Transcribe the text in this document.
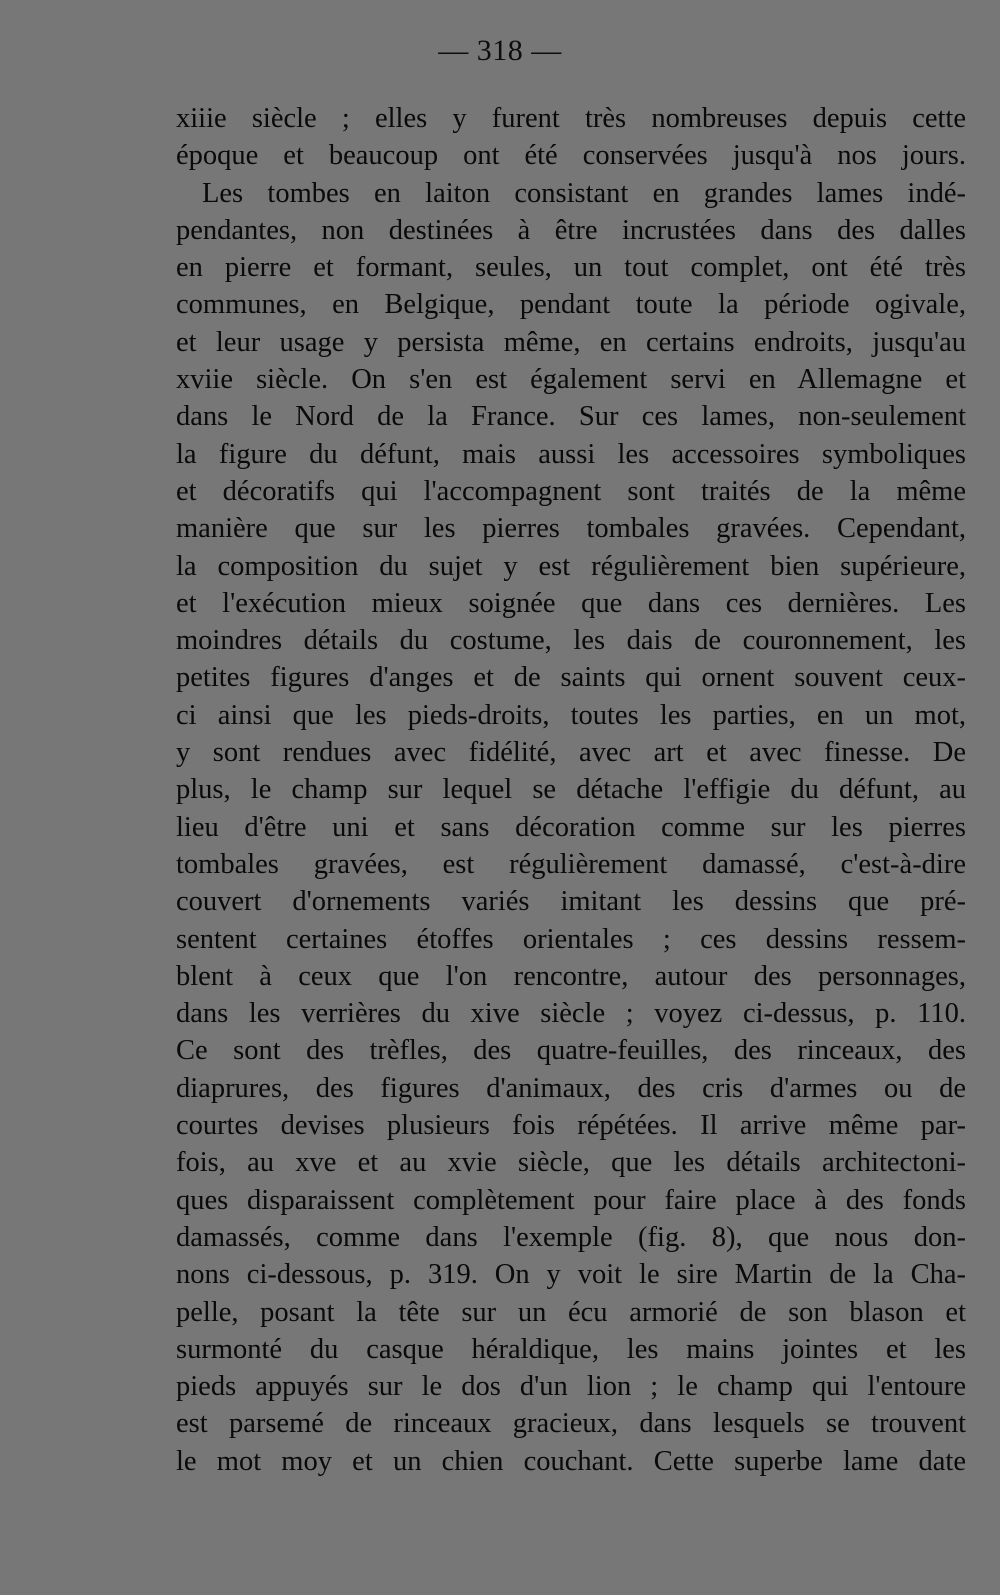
— 318 —
xiiie siècle ; elles y furent très nombreuses depuis cette
époque et beaucoup ont été conservées jusqu'à nos jours.
Les tombes en laiton consistant en grandes lames indé-
pendantes, non destinées à être incrustées dans des dalles
en pierre et formant, seules, un tout complet, ont été très
communes, en Belgique, pendant toute la période ogivale,
et leur usage y persista même, en certains endroits, jusqu'au
xviie siècle. On s'en est également servi en Allemagne et
dans le Nord de la France. Sur ces lames, non-seulement
la figure du défunt, mais aussi les accessoires symboliques
et décoratifs qui l'accompagnent sont traités de la même
manière que sur les pierres tombales gravées. Cependant,
la composition du sujet y est régulièrement bien supérieure,
et l'exécution mieux soignée que dans ces dernières. Les
moindres détails du costume, les dais de couronnement, les
petites figures d'anges et de saints qui ornent souvent ceux-
ci ainsi que les pieds-droits, toutes les parties, en un mot,
y sont rendues avec fidélité, avec art et avec finesse. De
plus, le champ sur lequel se détache l'effigie du défunt, au
lieu d'être uni et sans décoration comme sur les pierres
tombales gravées, est régulièrement damassé, c'est-à-dire
couvert d'ornements variés imitant les dessins que pré-
sentent certaines étoffes orientales ; ces dessins ressem-
blent à ceux que l'on rencontre, autour des personnages,
dans les verrières du xive siècle ; voyez ci-dessus, p. 110.
Ce sont des trèfles, des quatre-feuilles, des rinceaux, des
diaprures, des figures d'animaux, des cris d'armes ou de
courtes devises plusieurs fois répétées. Il arrive même par-
fois, au xve et au xvie siècle, que les détails architectoni-
ques disparaissent complètement pour faire place à des fonds
damassés, comme dans l'exemple (fig. 8), que nous don-
nons ci-dessous, p. 319. On y voit le sire Martin de la Cha-
pelle, posant la tête sur un écu armorié de son blason et
surmonté du casque héraldique, les mains jointes et les
pieds appuyés sur le dos d'un lion ; le champ qui l'entoure
est parsemé de rinceaux gracieux, dans lesquels se trouvent
le mot moy et un chien couchant. Cette superbe lame date
